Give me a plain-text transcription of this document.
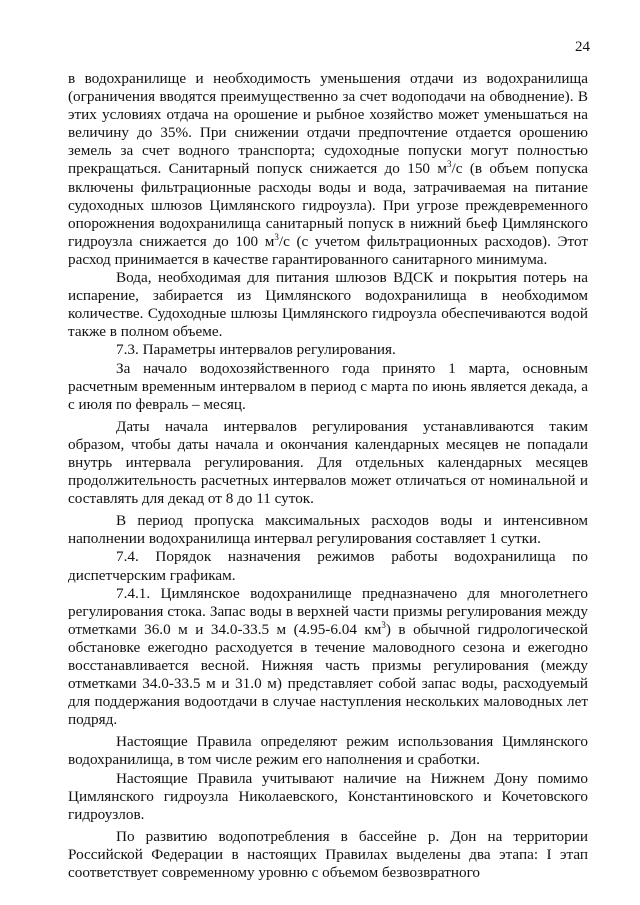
24

в водохранилище и необходимость уменьшения отдачи из водохранилища (ограничения вводятся преимущественно за счет водоподачи на обводнение). В этих условиях отдача на орошение и рыбное хозяйство может уменьшаться на величину до 35%. При снижении отдачи предпочтение отдается орошению земель за счет водного транспорта; судоходные попуски могут полностью прекращаться. Санитарный попуск снижается до 150 $м^3/с$ (в объем попуска включены фильтрационные расходы воды и вода, затрачиваемая на питание судоходных шлюзов Цимлянского гидроузла). При угрозе преждевременного опорожнения водохранилища санитарный попуск в нижний бьеф Цимлянского гидроузла снижается до 100 $м^3/с$ (с учетом фильтрационных расходов). Этот расход принимается в качестве гарантированного санитарного минимума.

Вода, необходимая для питания шлюзов ВДСК и покрытия потерь на испарение, забирается из Цимлянского водохранилища в необходимом количестве. Судоходные шлюзы Цимлянского гидроузла обеспечиваются водой также в полном объеме.

7.3. Параметры интервалов регулирования.

За начало водохозяйственного года принято 1 марта, основным расчетным временным интервалом в период с марта по июнь является декада, а с июля по февраль – месяц.

Даты начала интервалов регулирования устанавливаются таким образом, чтобы даты начала и окончания календарных месяцев не попадали внутрь интервала регулирования. Для отдельных календарных месяцев продолжительность расчетных интервалов может отличаться от номинальной и составлять для декад от 8 до 11 суток.

В период пропуска максимальных расходов воды и интенсивном наполнении водохранилища интервал регулирования составляет 1 сутки.

7.4. Порядок назначения режимов работы водохранилища по диспетчерским графикам.

7.4.1. Цимлянское водохранилище предназначено для многолетнего регулирования стока. Запас воды в верхней части призмы регулирования между отметками 36.0 м и 34.0-33.5 м (4.95-6.04 $км^3$) в обычной гидрологической обстановке ежегодно расходуется в течение маловодного сезона и ежегодно восстанавливается весной. Нижняя часть призмы регулирования (между отметками 34.0-33.5 м и 31.0 м) представляет собой запас воды, расходуемый для поддержания водоотдачи в случае наступления нескольких маловодных лет подряд.

Настоящие Правила определяют режим использования Цимлянского водохранилища, в том числе режим его наполнения и сработки.

Настоящие Правила учитывают наличие на Нижнем Дону помимо Цимлянского гидроузла Николаевского, Константиновского и Кочетовского гидроузлов.

По развитию водопотребления в бассейне р. Дон на территории Российской Федерации в настоящих Правилах выделены два этапа: I этап соответствует современному уровню с объемом безвозвратного
